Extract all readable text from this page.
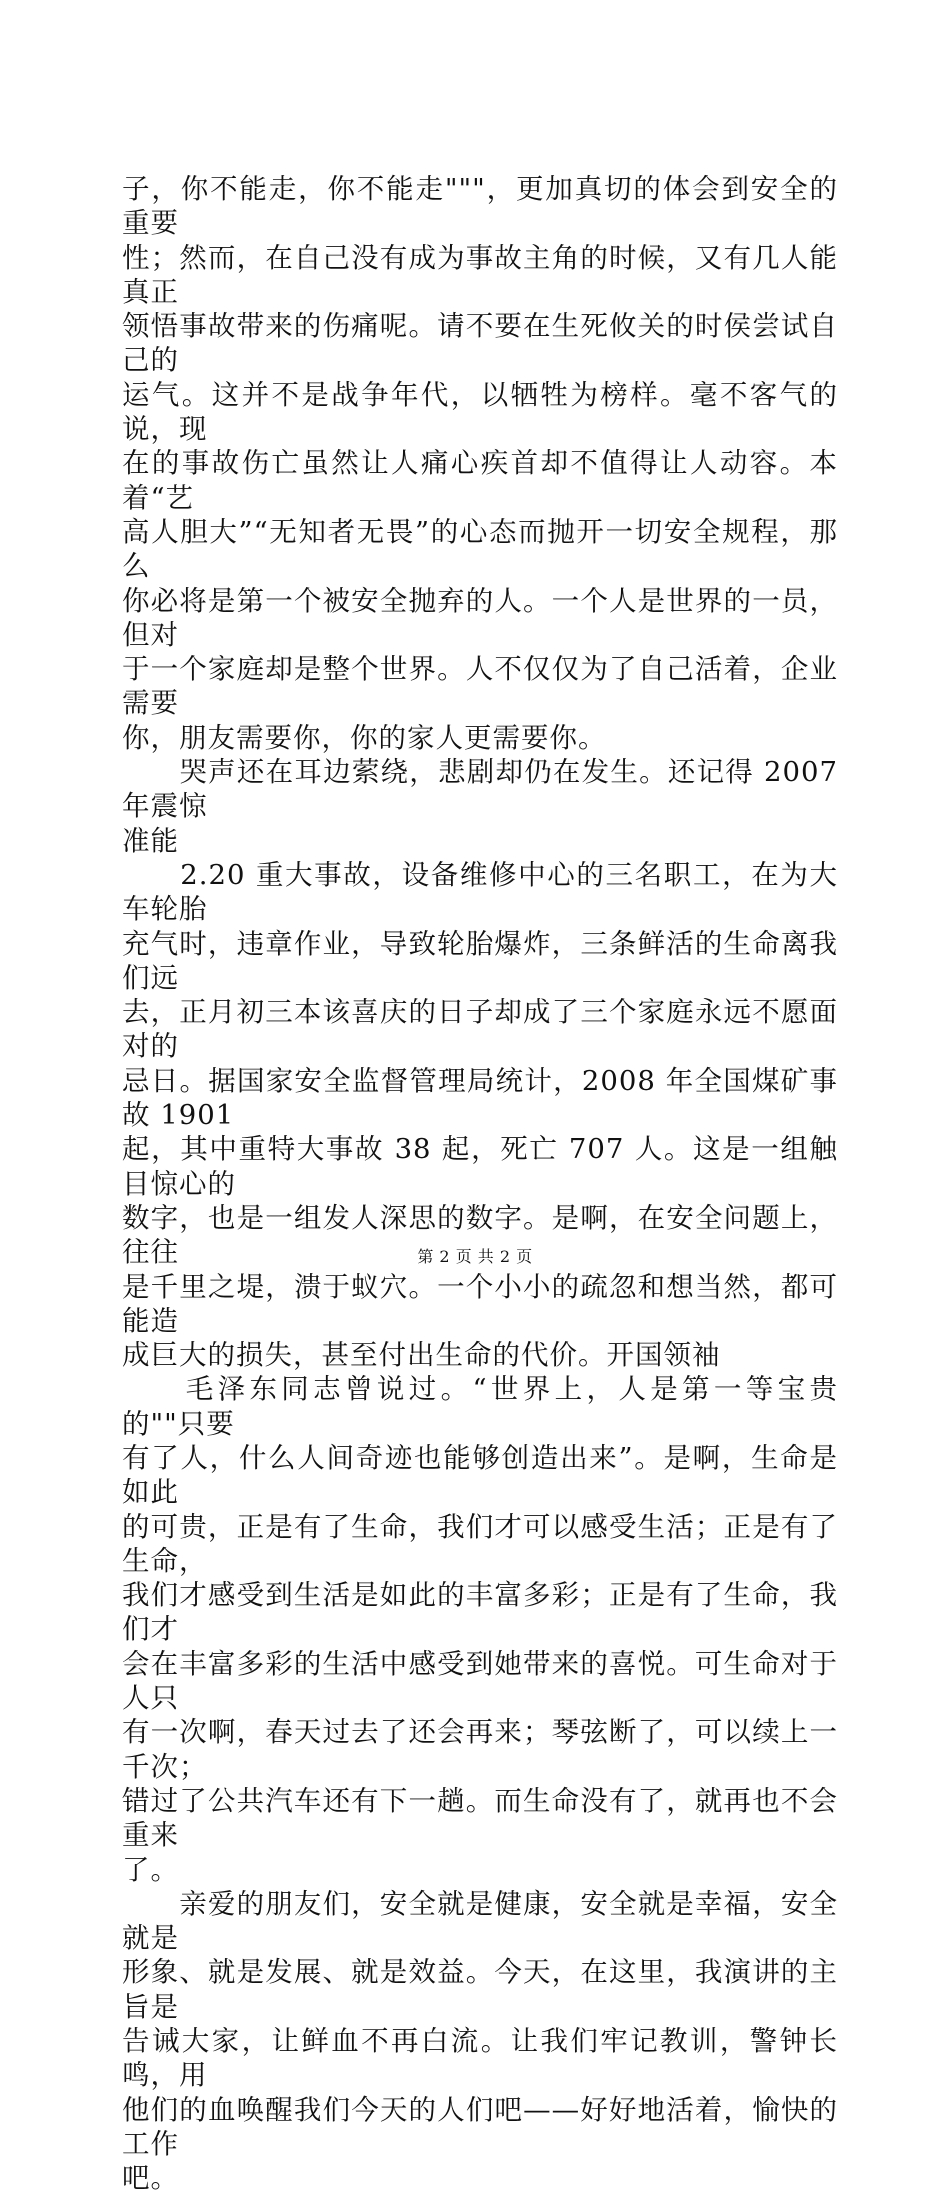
子，你不能走，你不能走"""，更加真切的体会到安全的重要

性；然而，在自己没有成为事故主角的时候，又有几人能真正

领悟事故带来的伤痛呢。请不要在生死攸关的时侯尝试自己的

运气。这并不是战争年代，以牺牲为榜样。毫不客气的说，现

在的事故伤亡虽然让人痛心疾首却不值得让人动容。本着“艺

高人胆大”“无知者无畏”的心态而抛开一切安全规程，那么

你必将是第一个被安全抛弃的人。一个人是世界的一员，但对

于一个家庭却是整个世界。人不仅仅为了自己活着，企业需要

你，朋友需要你，你的家人更需要你。

　　哭声还在耳边萦绕，悲剧却仍在发生。还记得 2007 年震惊

准能

　　2.20 重大事故，设备维修中心的三名职工，在为大车轮胎

充气时，违章作业，导致轮胎爆炸，三条鲜活的生命离我们远

去，正月初三本该喜庆的日子却成了三个家庭永远不愿面对的

忌日。据国家安全监督管理局统计，2008 年全国煤矿事故 1901

起，其中重特大事故 38 起，死亡 707 人。这是一组触目惊心的

数字，也是一组发人深思的数字。是啊，在安全问题上，往往

是千里之堤，溃于蚁穴。一个小小的疏忽和想当然，都可能造

成巨大的损失，甚至付出生命的代价。开国领袖

　　毛泽东同志曾说过。“世界上，人是第一等宝贵的""只要

有了人，什么人间奇迹也能够创造出来”。是啊，生命是如此

的可贵，正是有了生命，我们才可以感受生活；正是有了生命，

我们才感受到生活是如此的丰富多彩；正是有了生命，我们才

会在丰富多彩的生活中感受到她带来的喜悦。可生命对于人只

有一次啊，春天过去了还会再来；琴弦断了，可以续上一千次；

错过了公共汽车还有下一趟。而生命没有了，就再也不会重来

了。

　　亲爱的朋友们，安全就是健康，安全就是幸福，安全就是

形象、就是发展、就是效益。今天，在这里，我演讲的主旨是

告诫大家，让鲜血不再白流。让我们牢记教训，警钟长鸣，用

他们的血唤醒我们今天的人们吧——好好地活着，愉快的工作

吧。

第 2 页 共 2 页
